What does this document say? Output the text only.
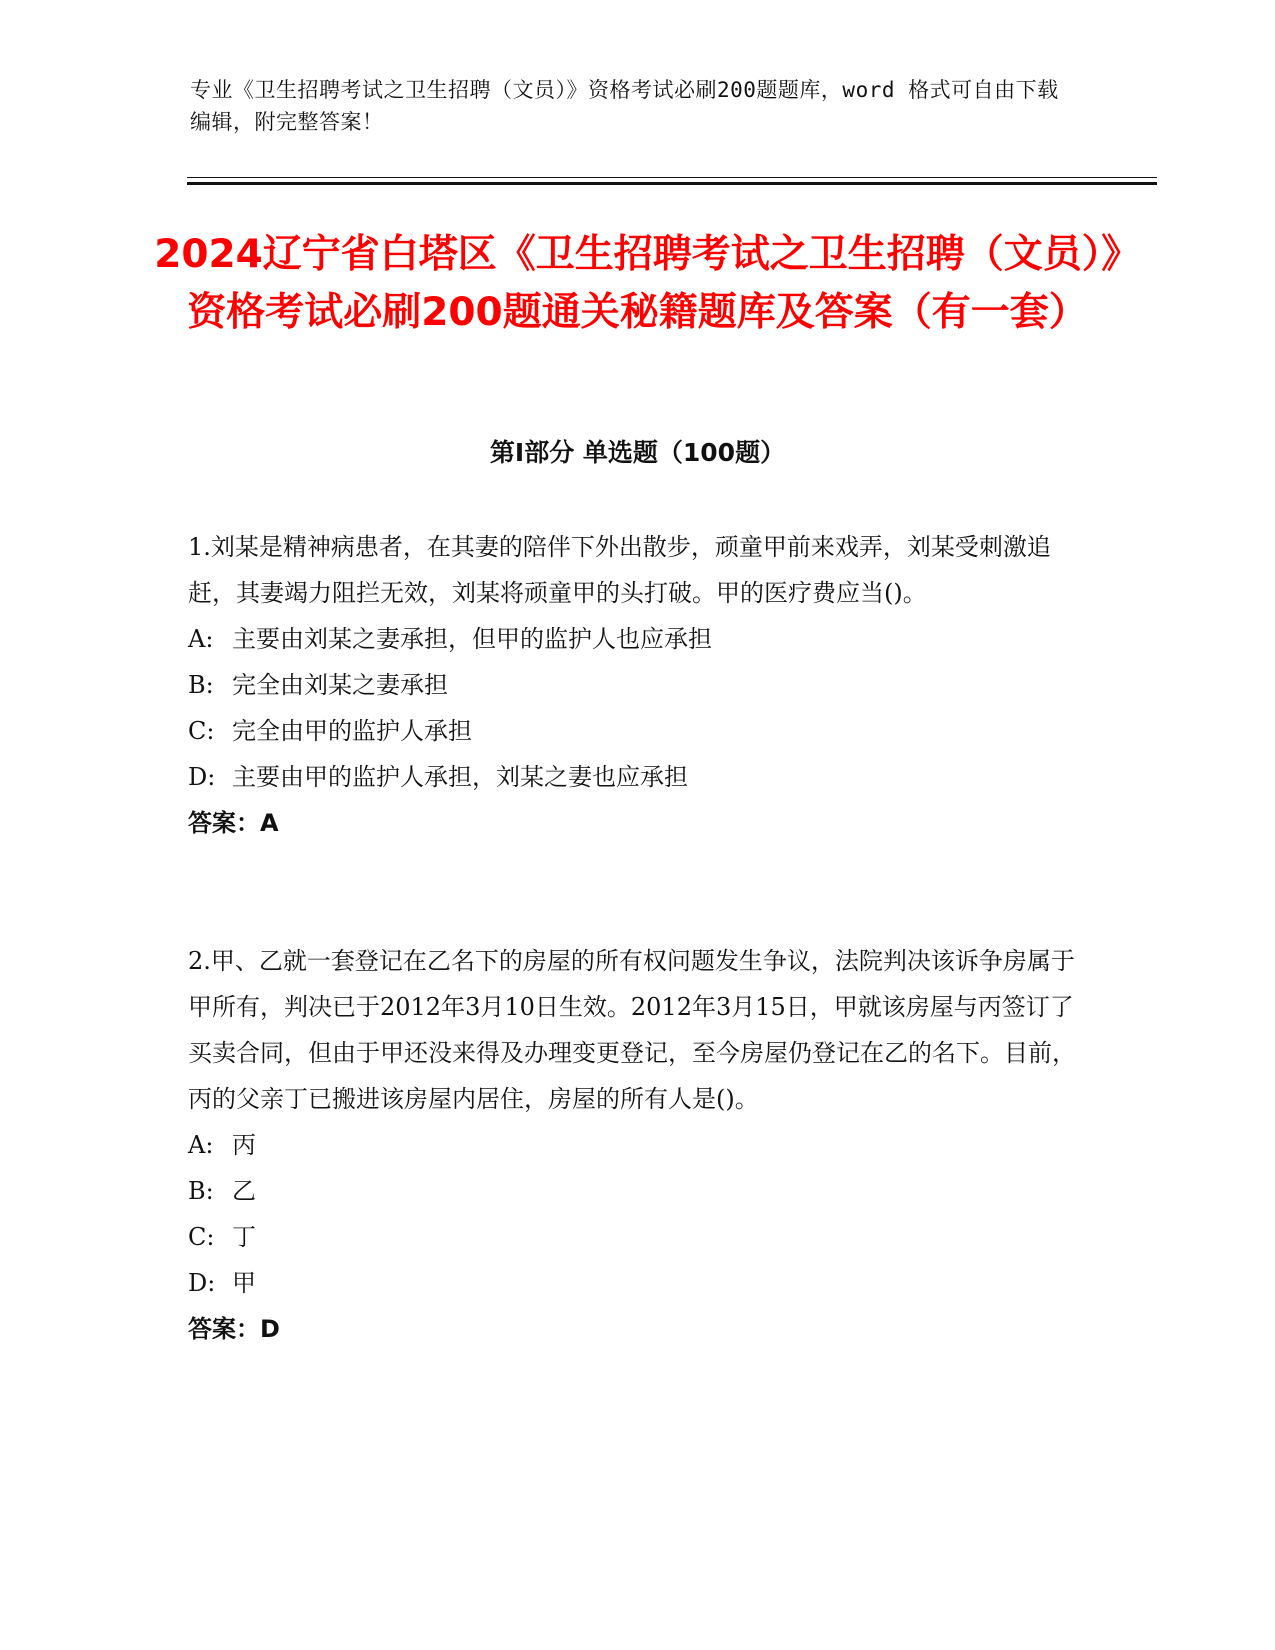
专业《卫生招聘考试之卫生招聘（文员）》资格考试必刷200题题库，word 格式可自由下载编辑，附完整答案！
2024辽宁省白塔区《卫生招聘考试之卫生招聘（文员）》资格考试必刷200题通关秘籍题库及答案（有一套）
第Ⅰ部分 单选题（100题）

1.刘某是精神病患者，在其妻的陪伴下外出散步，顽童甲前来戏弄，刘某受刺激追赶，其妻竭力阻拦无效，刘某将顽童甲的头打破。甲的医疗费应当()。

A: 主要由刘某之妻承担，但甲的监护人也应承担

B: 完全由刘某之妻承担

C: 完全由甲的监护人承担

D: 主要由甲的监护人承担，刘某之妻也应承担

答案：A

2.甲、乙就一套登记在乙名下的房屋的所有权问题发生争议，法院判决该诉争房属于甲所有，判决已于2012年3月10日生效。2012年3月15日，甲就该房屋与丙签订了买卖合同，但由于甲还没来得及办理变更登记，至今房屋仍登记在乙的名下。目前，丙的父亲丁已搬进该房屋内居住，房屋的所有人是()。

A: 丙

B: 乙

C: 丁

D: 甲

答案：D
